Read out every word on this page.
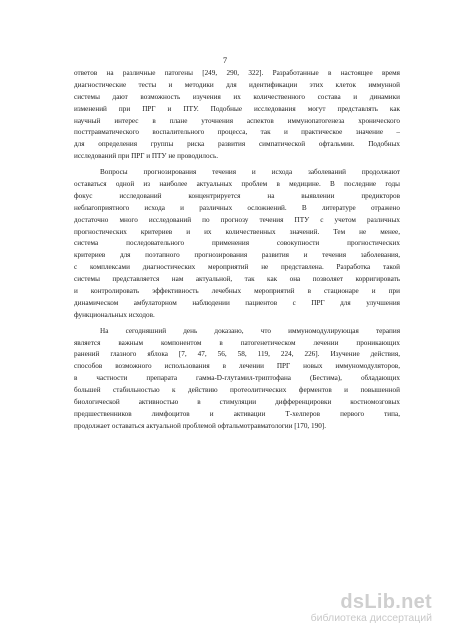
7
ответов на различные патогены [249, 290, 322]. Разработанные в настоящее время
диагностические тесты и методики для идентификации этих клеток иммунной
системы дают возможность изучения их количественного состава и динамики
изменений при ПРГ и ПТУ. Подобные исследования могут представлять как
научный интерес в плане уточнения аспектов иммунопатогенеза хронического
посттравматического воспалительного процесса, так и практическое значение –
для определения группы риска развития симпатической офтальмии. Подобных
исследований при ПРГ и ПТУ не проводилось.
Вопросы прогнозирования течения и исхода заболеваний продолжают
оставаться одной из наиболее актуальных проблем в медицине. В последние годы
фокус исследований концентрируется на выявлении предикторов
неблагоприятного исхода и различных осложнений. В литературе отражено
достаточно много исследований по прогнозу течения ПТУ с учетом различных
прогностических критериев и их количественных значений. Тем не менее,
система последовательного применения совокупности прогностических
критериев для поэтапного прогнозирования развития и течения заболевания,
с комплексами диагностических мероприятий не представлена. Разработка такой
системы представляется нам актуальной, так как она позволяет корригировать
и контролировать эффективность лечебных мероприятий в стационаре и при
динамическом амбулаторном наблюдении пациентов с ПРГ для улучшения
функциональных исходов.
На сегодняшний день доказано, что иммуномодулирующая терапия
является важным компонентом в патогенетическом лечении проникающих
ранений глазного яблока [7, 47, 56, 58, 119, 224, 226]. Изучение действия,
способов возможного использования в лечении ПРГ новых иммуномодуляторов,
в частности препарата гамма-D-глутамил-триптофана (Бестима), обладающих
большей стабильностью к действию протеолитических ферментов и повышенной
биологической активностью в стимуляции дифференцировки костномозговых
предшественников лимфоцитов и активации Т-хелперов первого типа,
продолжает оставаться актуальной проблемой офтальмотравматологии [170, 190].
dsLib.net
библиотека диссертаций
